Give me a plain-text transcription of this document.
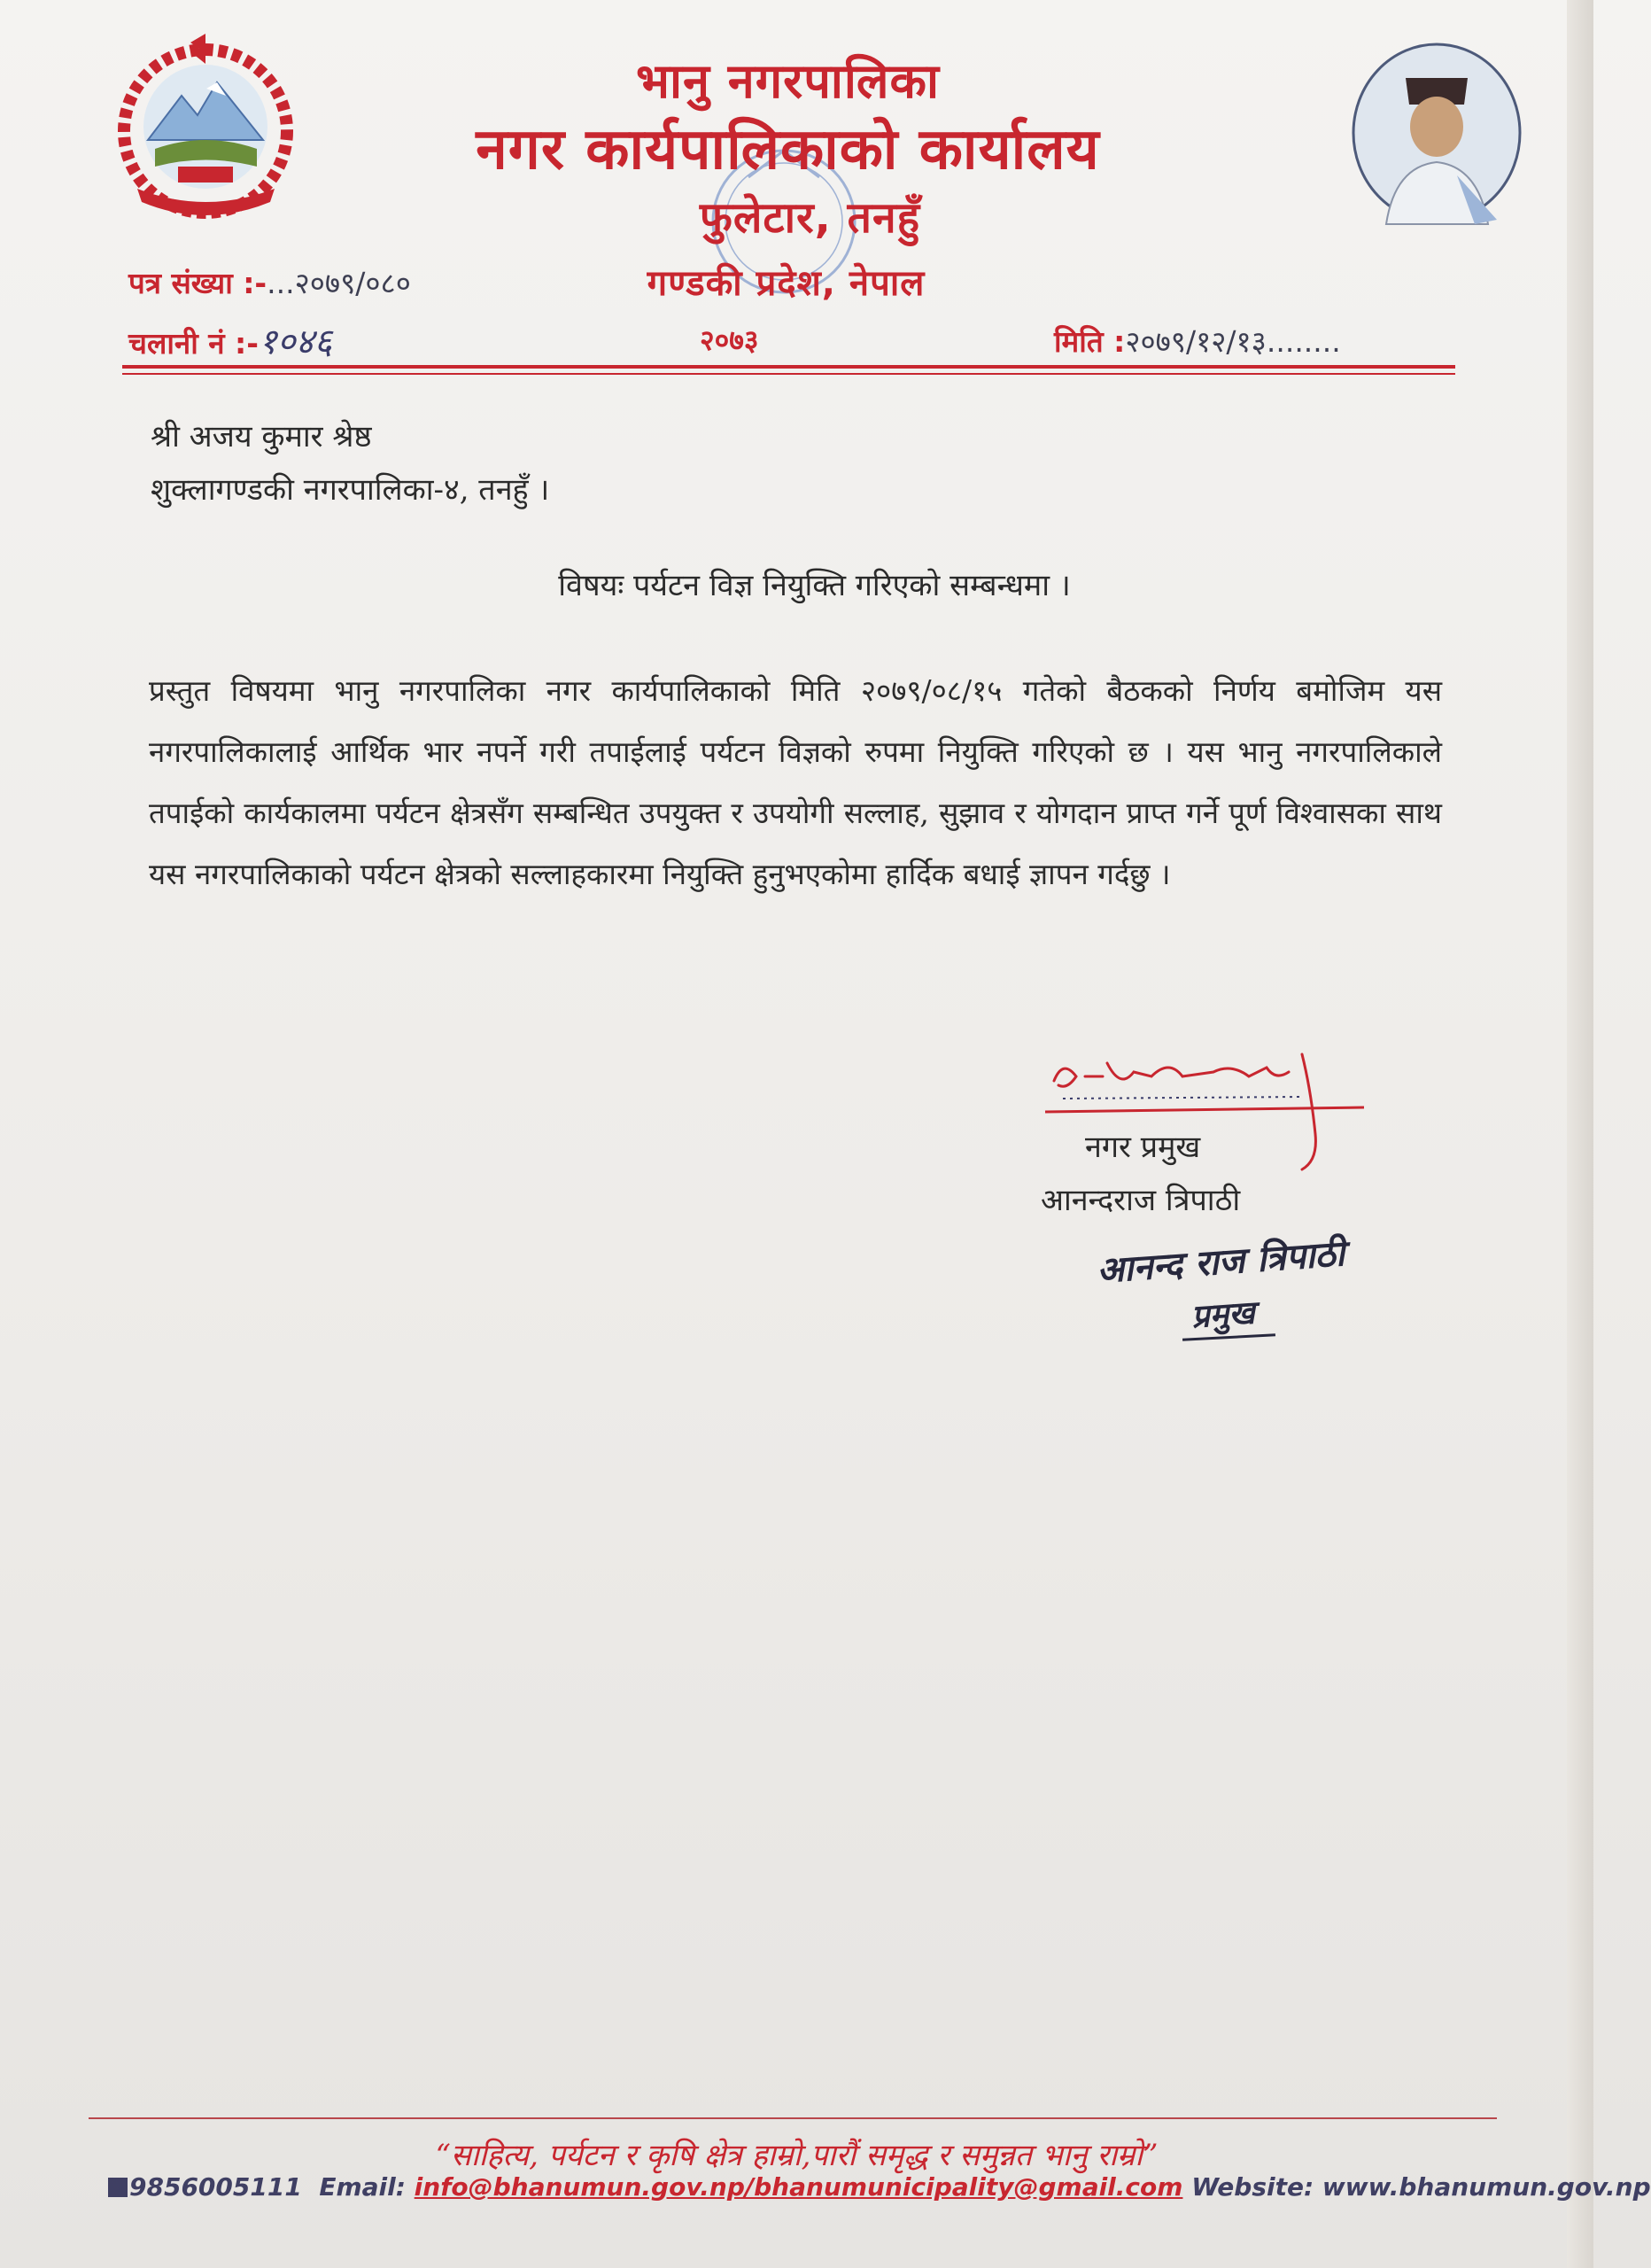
भानु नगरपालिका
नगर कार्यपालिकाको कार्यालय
फुलेटार, तनहुँ
गण्डकी प्रदेश, नेपाल
२०७३
पत्र संख्या :-...२०७९/०८०
चलानी नं :-१०४६	मिति :२०७९/१२/१३........
श्री अजय कुमार श्रेष्ठ
शुक्लागण्डकी नगरपालिका-४, तनहुँ ।
विषयः पर्यटन विज्ञ नियुक्ति गरिएको सम्बन्धमा ।
प्रस्तुत विषयमा भानु नगरपालिका नगर कार्यपालिकाको मिति २०७९/०८/१५ गतेको बैठकको निर्णय बमोजिम यस नगरपालिकालाई आर्थिक भार नपर्ने गरी तपाईलाई पर्यटन विज्ञको रुपमा नियुक्ति गरिएको छ । यस भानु नगरपालिकाले तपाईको कार्यकालमा पर्यटन क्षेत्रसँग सम्बन्धित उपयुक्त र उपयोगी सल्लाह, सुझाव र योगदान प्राप्त गर्ने पूर्ण विश्वासका साथ यस नगरपालिकाको पर्यटन क्षेत्रको सल्लाहकारमा नियुक्ति हुनुभएकोमा हार्दिक बधाई ज्ञापन गर्दछु ।
नगर प्रमुख
आनन्दराज त्रिपाठी
आनन्द राज त्रिपाठी
प्रमुख
“साहित्य, पर्यटन र कृषि क्षेत्र हाम्रो,पारौं समृद्ध र समुन्नत भानु राम्रो”
9856005111 Email: info@bhanumun.gov.np/bhanumunicipality@gmail.com Website: www.bhanumun.gov.np
